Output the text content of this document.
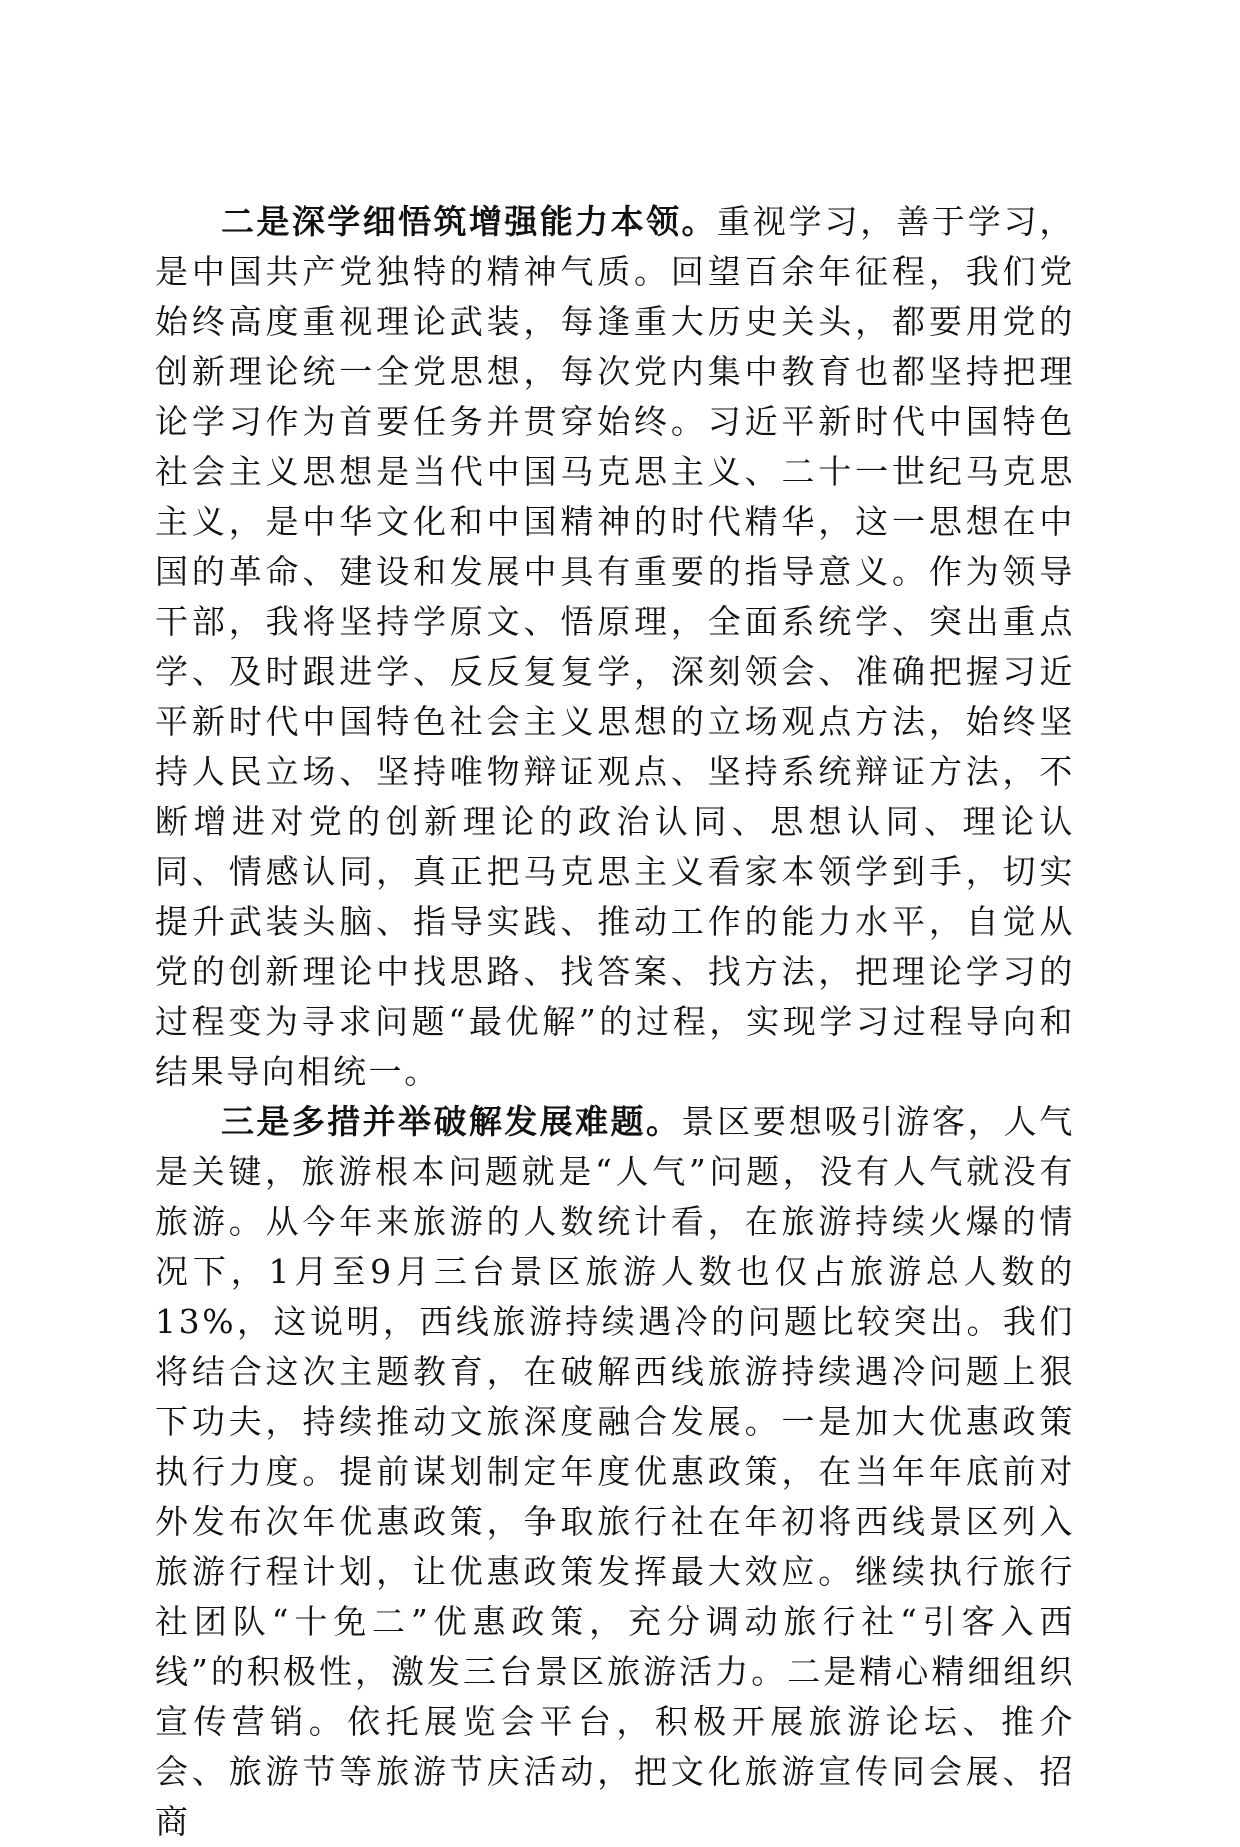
二是深学细悟筑增强能力本领。重视学习，善于学习，是中国共产党独特的精神气质。回望百余年征程，我们党始终高度重视理论武装，每逢重大历史关头，都要用党的创新理论统一全党思想，每次党内集中教育也都坚持把理论学习作为首要任务并贯穿始终。习近平新时代中国特色社会主义思想是当代中国马克思主义、二十一世纪马克思主义，是中华文化和中国精神的时代精华，这一思想在中国的革命、建设和发展中具有重要的指导意义。作为领导干部，我将坚持学原文、悟原理，全面系统学、突出重点学、及时跟进学、反反复复学，深刻领会、准确把握习近平新时代中国特色社会主义思想的立场观点方法，始终坚持人民立场、坚持唯物辩证观点、坚持系统辩证方法，不断增进对党的创新理论的政治认同、思想认同、理论认同、情感认同，真正把马克思主义看家本领学到手，切实提升武装头脑、指导实践、推动工作的能力水平，自觉从党的创新理论中找思路、找答案、找方法，把理论学习的过程变为寻求问题“最优解”的过程，实现学习过程导向和结果导向相统一。

三是多措并举破解发展难题。景区要想吸引游客，人气是关键，旅游根本问题就是“人气”问题，没有人气就没有旅游。从今年来旅游的人数统计看，在旅游持续火爆的情况下，1月至9月三台景区旅游人数也仅占旅游总人数的13%，这说明，西线旅游持续遇冷的问题比较突出。我们将结合这次主题教育，在破解西线旅游持续遇冷问题上狠下功夫，持续推动文旅深度融合发展。一是加大优惠政策执行力度。提前谋划制定年度优惠政策，在当年年底前对外发布次年优惠政策，争取旅行社在年初将西线景区列入旅游行程计划，让优惠政策发挥最大效应。继续执行旅行社团队“十免二”优惠政策，充分调动旅行社“引客入西线”的积极性，激发三台景区旅游活力。二是精心精细组织宣传营销。依托展览会平台，积极开展旅游论坛、推介会、旅游节等旅游节庆活动，把文化旅游宣传同会展、招商
